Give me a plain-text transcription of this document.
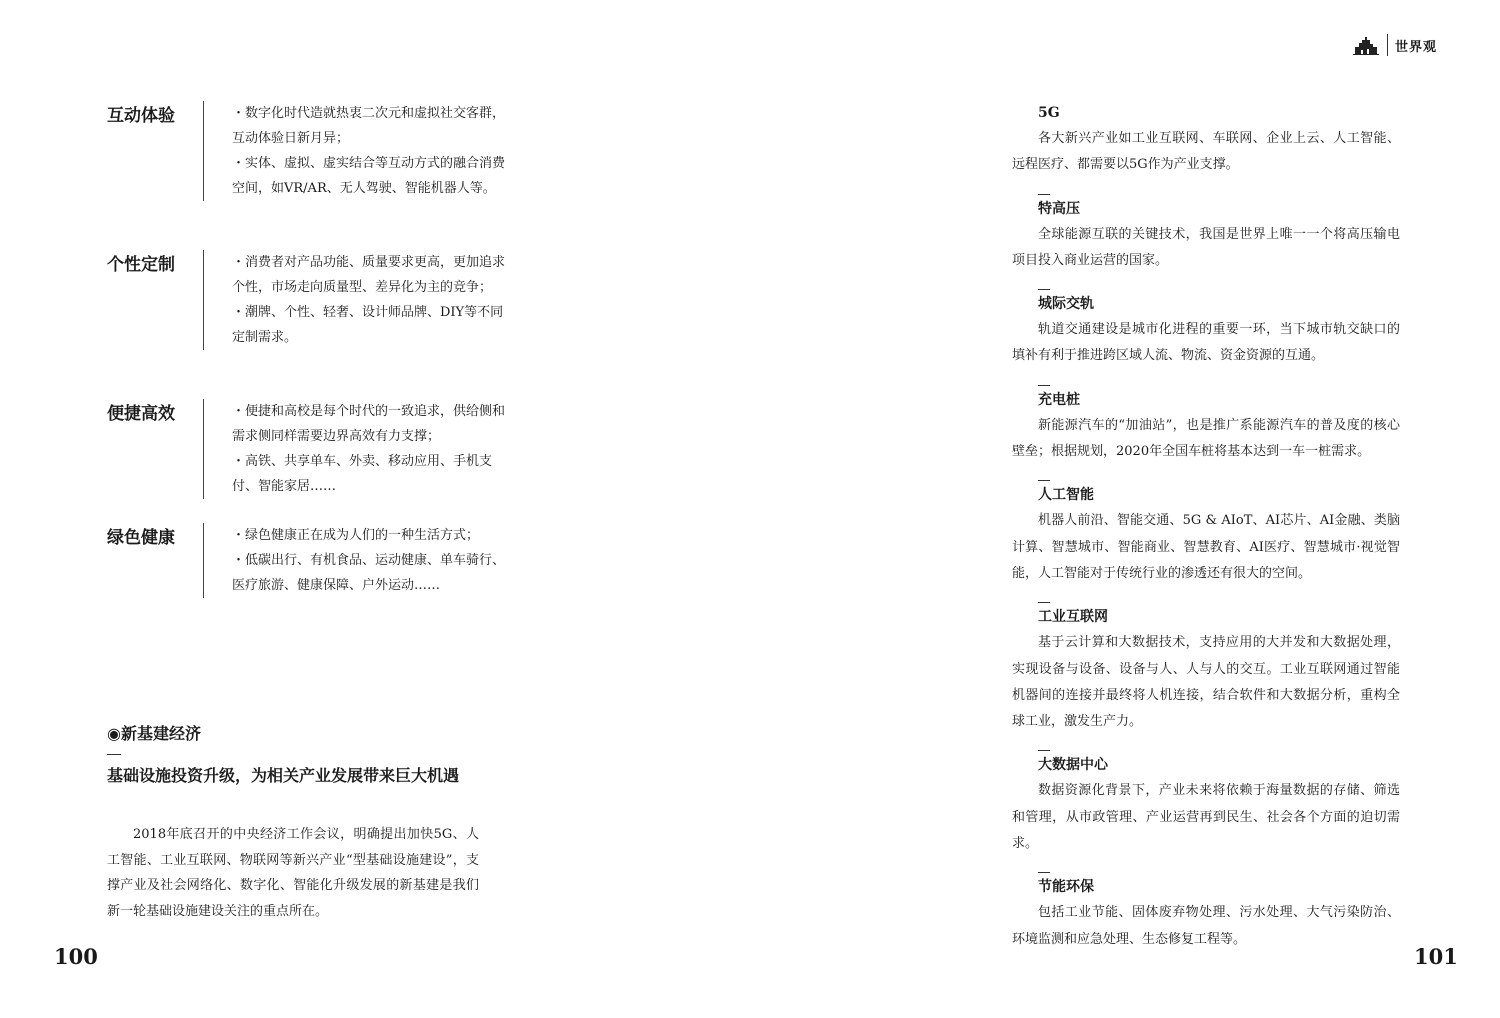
世界观
互动体验	・数字化时代造就热衷二次元和虚拟社交客群，互动体验日新月异；

・实体、虚拟、虚实结合等互动方式的融合消费空间，如VR/AR、无人驾驶、智能机器人等。

个性定制	・消费者对产品功能、质量要求更高，更加追求个性，市场走向质量型、差异化为主的竞争；

・潮牌、个性、轻奢、设计师品牌、DIY等不同定制需求。

便捷高效	・便捷和高校是每个时代的一致追求，供给侧和需求侧同样需要边界高效有力支撑；

・高铁、共享单车、外卖、移动应用、手机支付、智能家居……

绿色健康	・绿色健康正在成为人们的一种生活方式；

・低碳出行、有机食品、运动健康、单车骑行、医疗旅游、健康保障、户外运动……

◉新基建经济
基础设施投资升级，为相关产业发展带来巨大机遇

2018年底召开的中央经济工作会议，明确提出加快5G、人工智能、工业互联网、物联网等新兴产业“型基础设施建设”，支撑产业及社会网络化、数字化、智能化升级发展的新基建是我们新一轮基础设施建设关注的重点所在。

5G

各大新兴产业如工业互联网、车联网、企业上云、人工智能、远程医疗、都需要以5G作为产业支撑。

特高压

全球能源互联的关键技术，我国是世界上唯一一个将高压输电项目投入商业运营的国家。

城际交轨

轨道交通建设是城市化进程的重要一环，当下城市轨交缺口的填补有利于推进跨区域人流、物流、资金资源的互通。

充电桩

新能源汽车的“加油站”，也是推广系能源汽车的普及度的核心壁垒；根据规划，2020年全国车桩将基本达到一车一桩需求。

人工智能

机器人前沿、智能交通、5G & AIoT、AI芯片、AI金融、类脑计算、智慧城市、智能商业、智慧教育、AI医疗、智慧城市·视觉智能，人工智能对于传统行业的渗透还有很大的空间。

工业互联网

基于云计算和大数据技术，支持应用的大并发和大数据处理，实现设备与设备、设备与人、人与人的交互。工业互联网通过智能机器间的连接并最终将人机连接，结合软件和大数据分析，重构全球工业，激发生产力。

大数据中心

数据资源化背景下，产业未来将依赖于海量数据的存储、筛选和管理，从市政管理、产业运营再到民生、社会各个方面的迫切需求。

节能环保

包括工业节能、固体废弃物处理、污水处理、大气污染防治、环境监测和应急处理、生态修复工程等。

100	101
